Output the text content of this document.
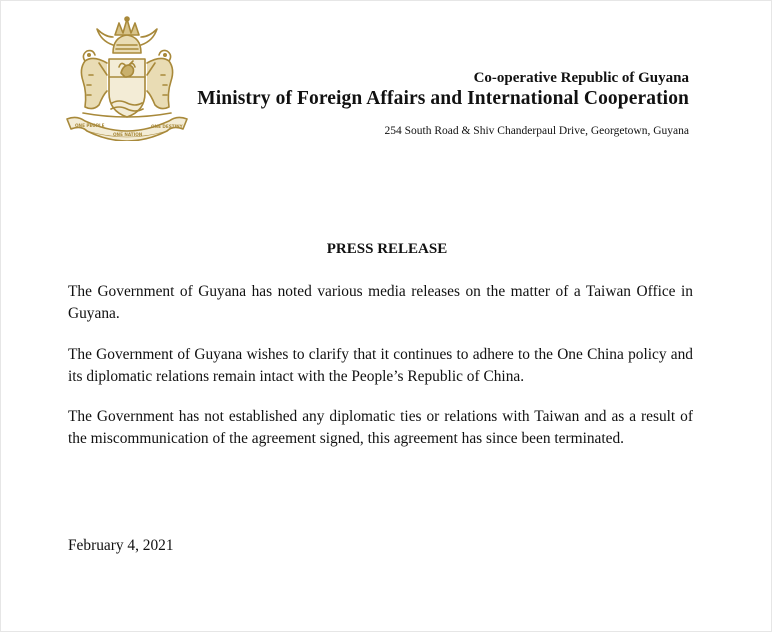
ONE PEOPLE
ONE NATION
ONE DESTINY
Co-operative Republic of Guyana
Ministry of Foreign Affairs and International Cooperation
254 South Road & Shiv Chanderpaul Drive, Georgetown, Guyana
PRESS RELEASE

The Government of Guyana has noted various media releases on the matter of a Taiwan Office in Guyana.

The Government of Guyana wishes to clarify that it continues to adhere to the One China policy and its diplomatic relations remain intact with the People’s Republic of China.

The Government has not established any diplomatic ties or relations with Taiwan and as a result of the miscommunication of the agreement signed, this agreement has since been terminated.

February 4, 2021
